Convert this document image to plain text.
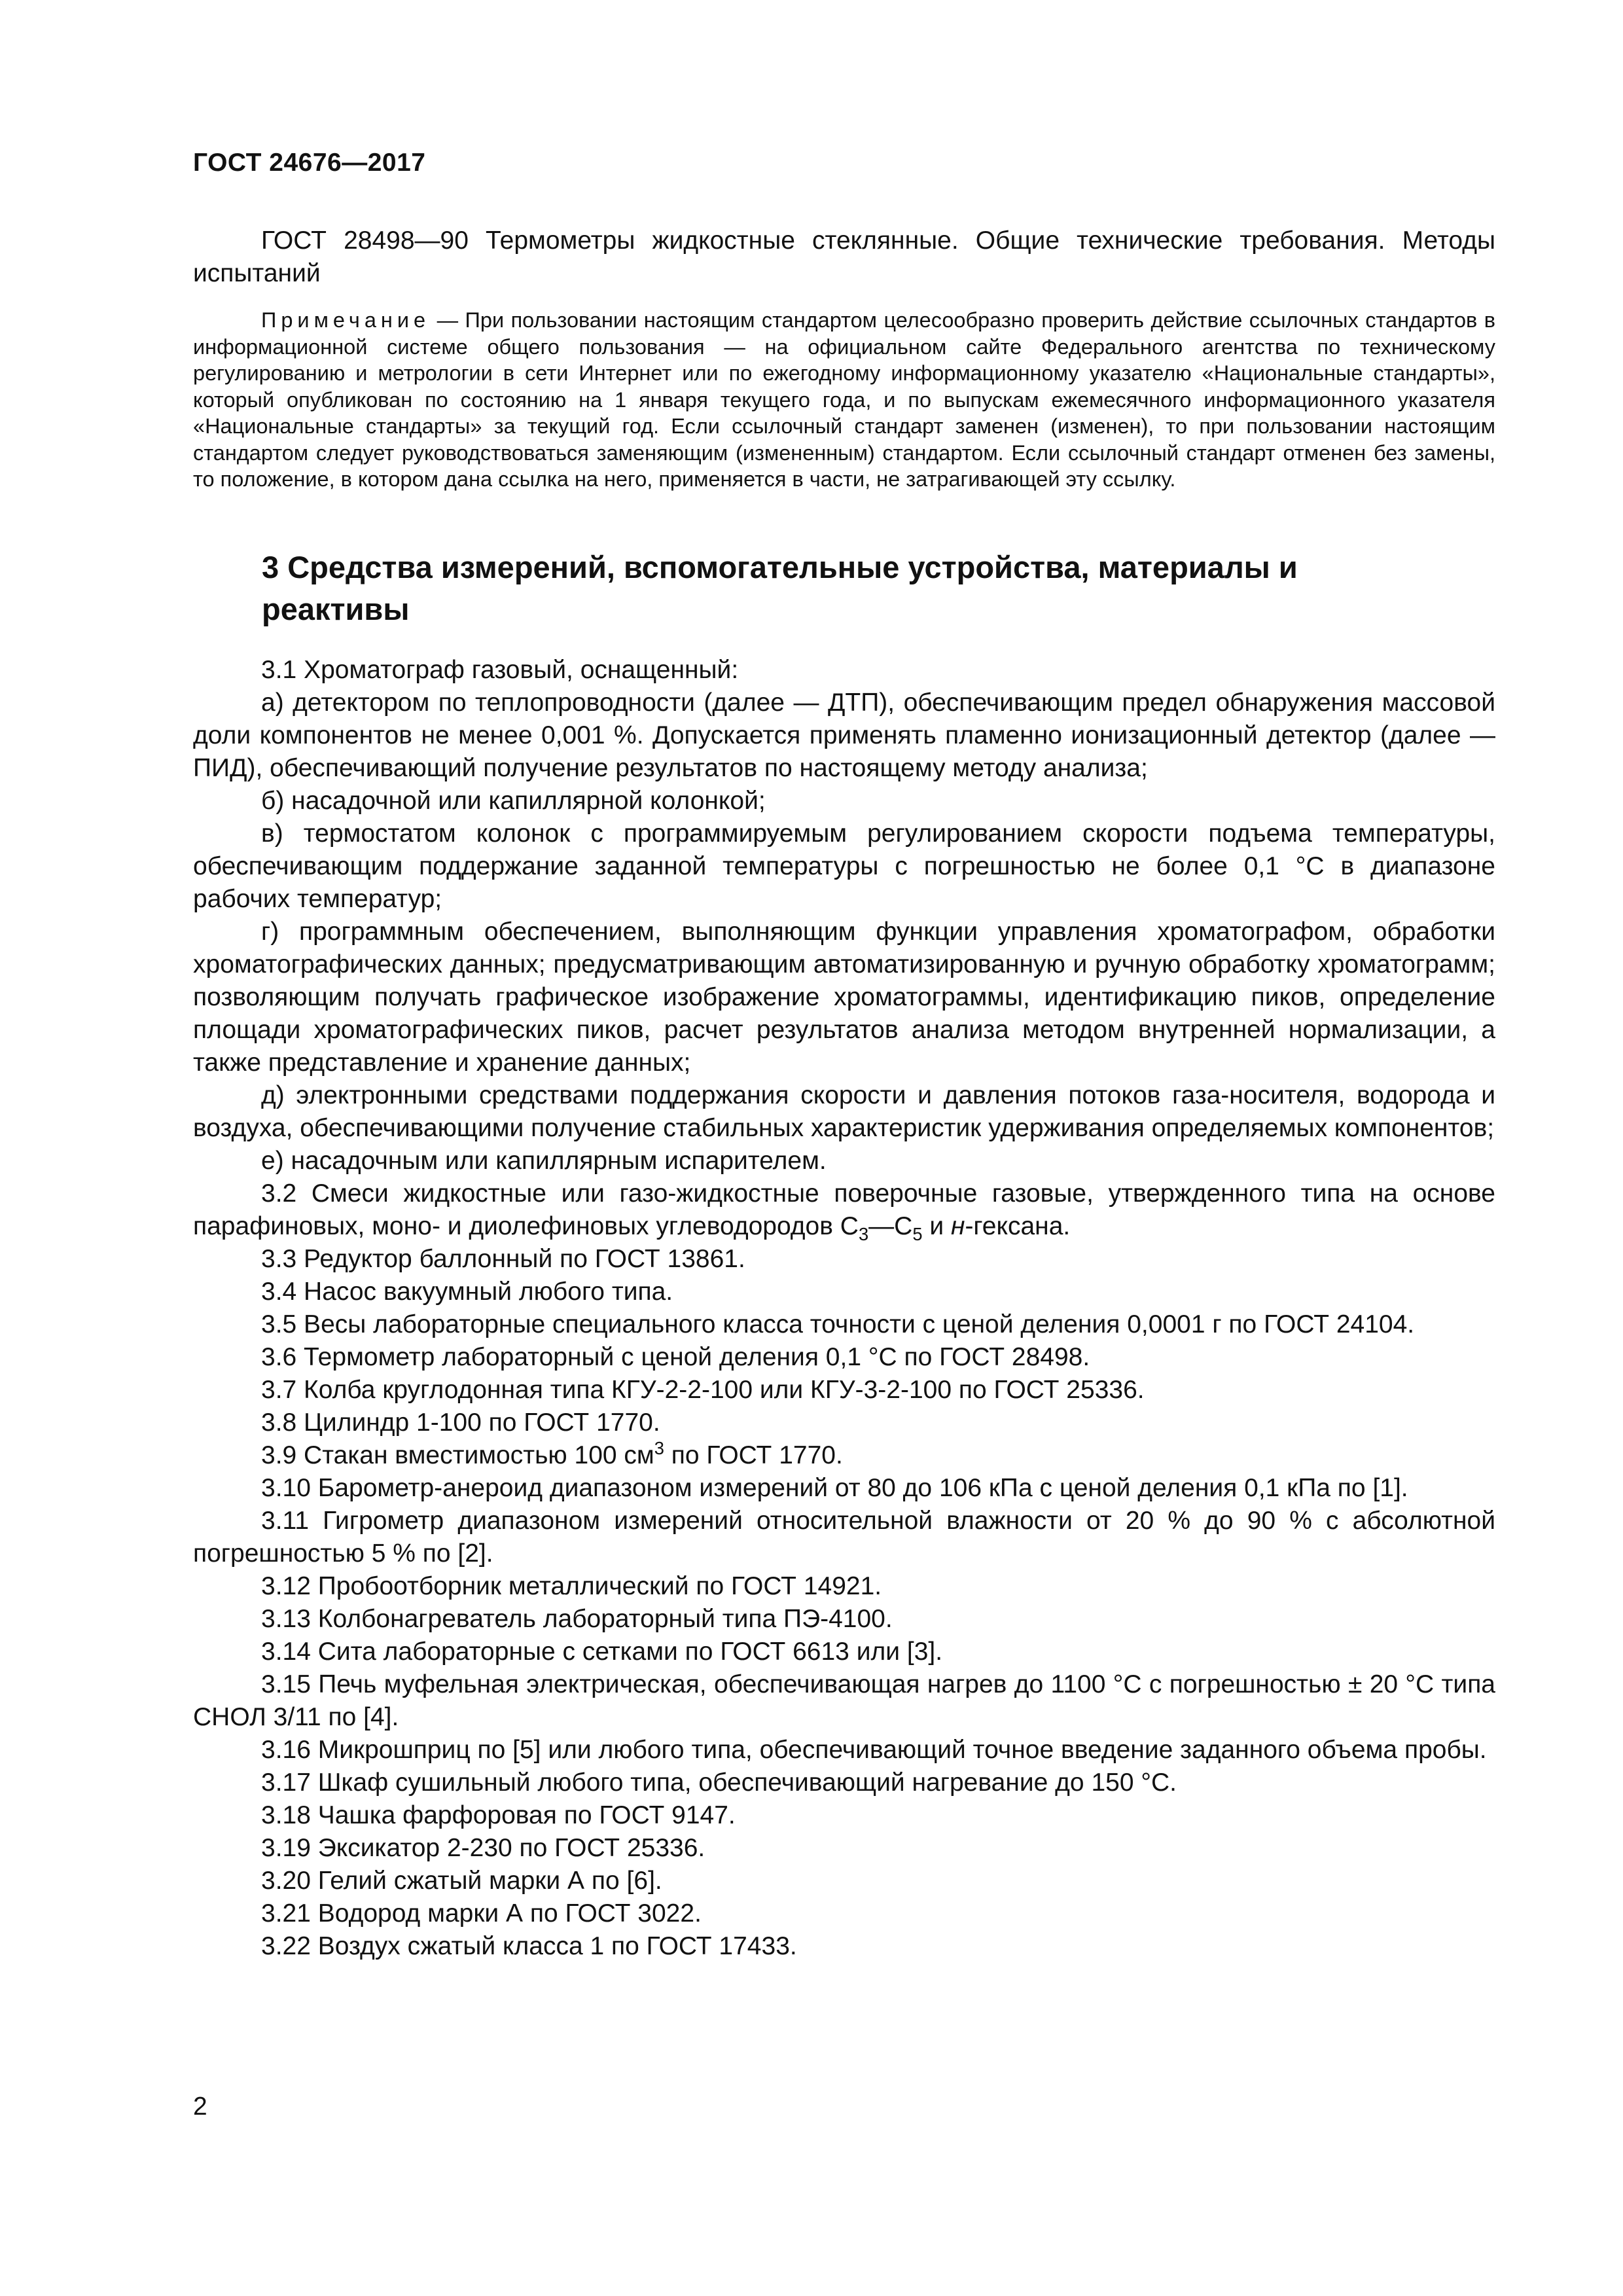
ГОСТ 24676—2017

ГОСТ 28498—90 Термометры жидкостные стеклянные. Общие технические требования. Методы испытаний

Примечание — При пользовании настоящим стандартом целесообразно проверить действие ссылочных стандартов в информационной системе общего пользования — на официальном сайте Федерального агентства по техническому регулированию и метрологии в сети Интернет или по ежегодному информационному указателю «Национальные стандарты», который опубликован по состоянию на 1 января текущего года, и по выпускам ежемесячного информационного указателя «Национальные стандарты» за текущий год. Если ссылочный стандарт заменен (изменен), то при пользовании настоящим стандартом следует руководствоваться заменяющим (измененным) стандартом. Если ссылочный стандарт отменен без замены, то положение, в котором дана ссылка на него, применяется в части, не затрагивающей эту ссылку.

3 Средства измерений, вспомогательные устройства, материалы и реактивы

3.1 Хроматограф газовый, оснащенный:

а) детектором по теплопроводности (далее — ДТП), обеспечивающим предел обнаружения массовой доли компонентов не менее 0,001 %. Допускается применять пламенно ионизационный детектор (далее — ПИД), обеспечивающий получение результатов по настоящему методу анализа;

б) насадочной или капиллярной колонкой;

в) термостатом колонок с программируемым регулированием скорости подъема температуры, обеспечивающим поддержание заданной температуры с погрешностью не более 0,1 °С в диапазоне рабочих температур;

г) программным обеспечением, выполняющим функции управления хроматографом, обработки хроматографических данных; предусматривающим автоматизированную и ручную обработку хроматограмм; позволяющим получать графическое изображение хроматограммы, идентификацию пиков, определение площади хроматографических пиков, расчет результатов анализа методом внутренней нормализации, а также представление и хранение данных;

д) электронными средствами поддержания скорости и давления потоков газа-носителя, водорода и воздуха, обеспечивающими получение стабильных характеристик удерживания определяемых компонентов;

е) насадочным или капиллярным испарителем.

3.2 Смеси жидкостные или газо-жидкостные поверочные газовые, утвержденного типа на основе парафиновых, моно- и диолефиновых углеводородов $С_3—С_5$ и н-гексана.

3.3 Редуктор баллонный по ГОСТ 13861.

3.4 Насос вакуумный любого типа.

3.5 Весы лабораторные специального класса точности с ценой деления 0,0001 г по ГОСТ 24104.

3.6 Термометр лабораторный с ценой деления 0,1 °С по ГОСТ 28498.

3.7 Колба круглодонная типа КГУ-2-2-100 или КГУ-3-2-100 по ГОСТ 25336.

3.8 Цилиндр 1-100 по ГОСТ 1770.

3.9 Стакан вместимостью 100 $см^3$ по ГОСТ 1770.

3.10 Барометр-анероид диапазоном измерений от 80 до 106 кПа с ценой деления 0,1 кПа по [1].

3.11 Гигрометр диапазоном измерений относительной влажности от 20 % до 90 % с абсолютной погрешностью 5 % по [2].

3.12 Пробоотборник металлический по ГОСТ 14921.

3.13 Колбонагреватель лабораторный типа ПЭ-4100.

3.14 Сита лабораторные с сетками по ГОСТ 6613 или [3].

3.15 Печь муфельная электрическая, обеспечивающая нагрев до 1100 °С с погрешностью ± 20 °С типа СНОЛ 3/11 по [4].

3.16 Микрошприц по [5] или любого типа, обеспечивающий точное введение заданного объема пробы.

3.17 Шкаф сушильный любого типа, обеспечивающий нагревание до 150 °С.

3.18 Чашка фарфоровая по ГОСТ 9147.

3.19 Эксикатор 2-230 по ГОСТ 25336.

3.20 Гелий сжатый марки А по [6].

3.21 Водород марки А по ГОСТ 3022.

3.22 Воздух сжатый класса 1 по ГОСТ 17433.

2
